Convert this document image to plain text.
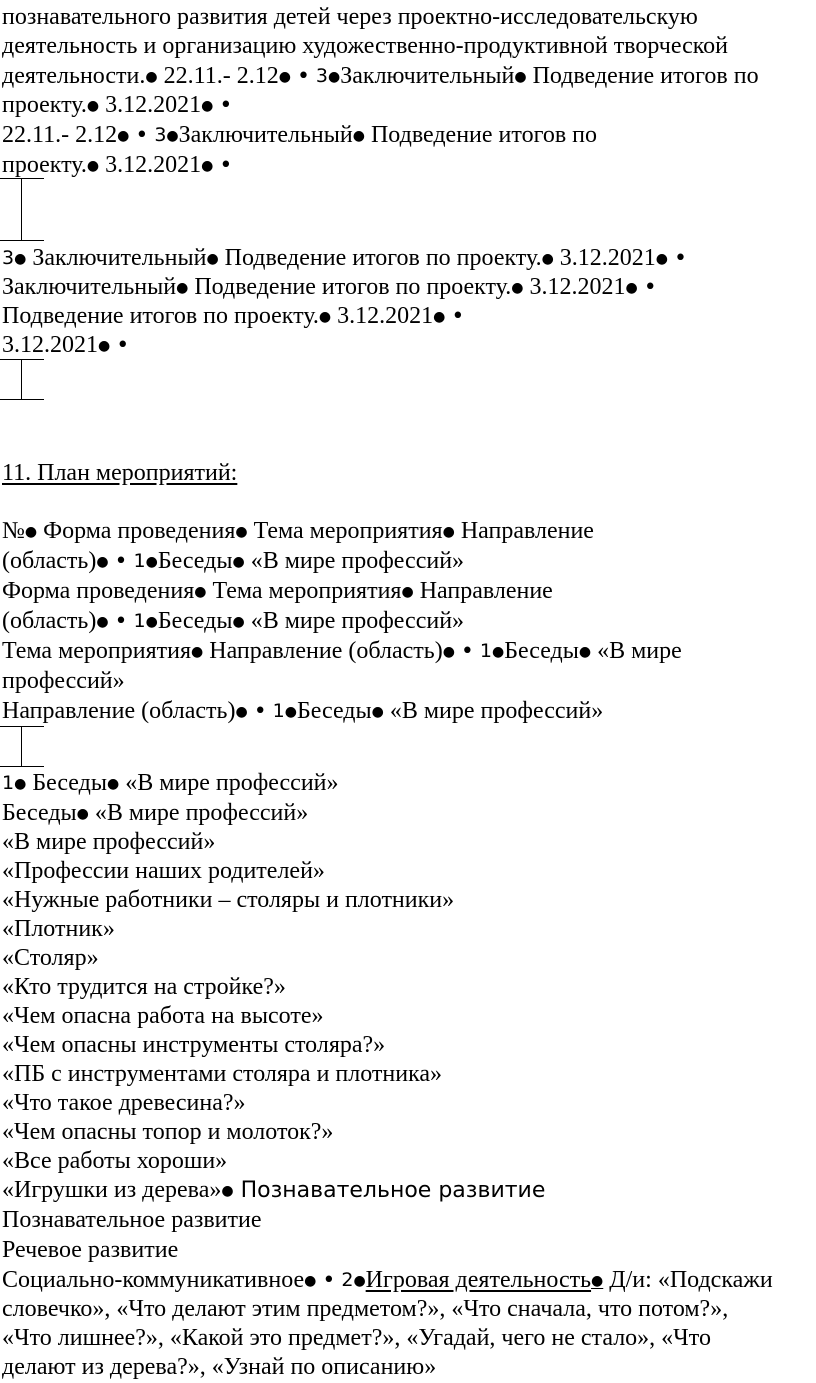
познавательного развития детей через проектно-исследовательскую
деятельность и организацию художественно-продуктивной творческой
деятельности.● 22.11.- 2.12● • 3●Заключительный● Подведение итогов по
проекту.● 3.12.2021● •
22.11.- 2.12● • 3●Заключительный● Подведение итогов по
проекту.● 3.12.2021● •
3● Заключительный● Подведение итогов по проекту.● 3.12.2021● •
Заключительный● Подведение итогов по проекту.● 3.12.2021● •
Подведение итогов по проекту.● 3.12.2021● •
3.12.2021● •
11. План мероприятий:
№● Форма проведения● Тема мероприятия● Направление
(область)● • 1●Беседы● «В мире профессий»
Форма проведения● Тема мероприятия● Направление
(область)● • 1●Беседы● «В мире профессий»
Тема мероприятия● Направление (область)● • 1●Беседы● «В мире
профессий»
Направление (область)● • 1●Беседы● «В мире профессий»
1● Беседы● «В мире профессий»
Беседы● «В мире профессий»
«В мире профессий»
«Профессии наших родителей»
«Нужные работники – столяры и плотники»
«Плотник»
«Столяр»
«Кто трудится на стройке?»
«Чем опасна работа на высоте»
«Чем опасны инструменты столяра?»
«ПБ с инструментами столяра и плотника»
«Что такое древесина?»
«Чем опасны топор и молоток?»
«Все работы хороши»
«Игрушки из дерева»● Познавательное развитие
Познавательное развитие
Речевое развитие
Социально-коммуникативное● • 2●Игровая деятельность● Д/и: «Подскажи
словечко», «Что делают этим предметом?», «Что сначала, что потом?»,
«Что лишнее?», «Какой это предмет?», «Угадай, чего не стало», «Что
делают из дерева?», «Узнай по описанию»
